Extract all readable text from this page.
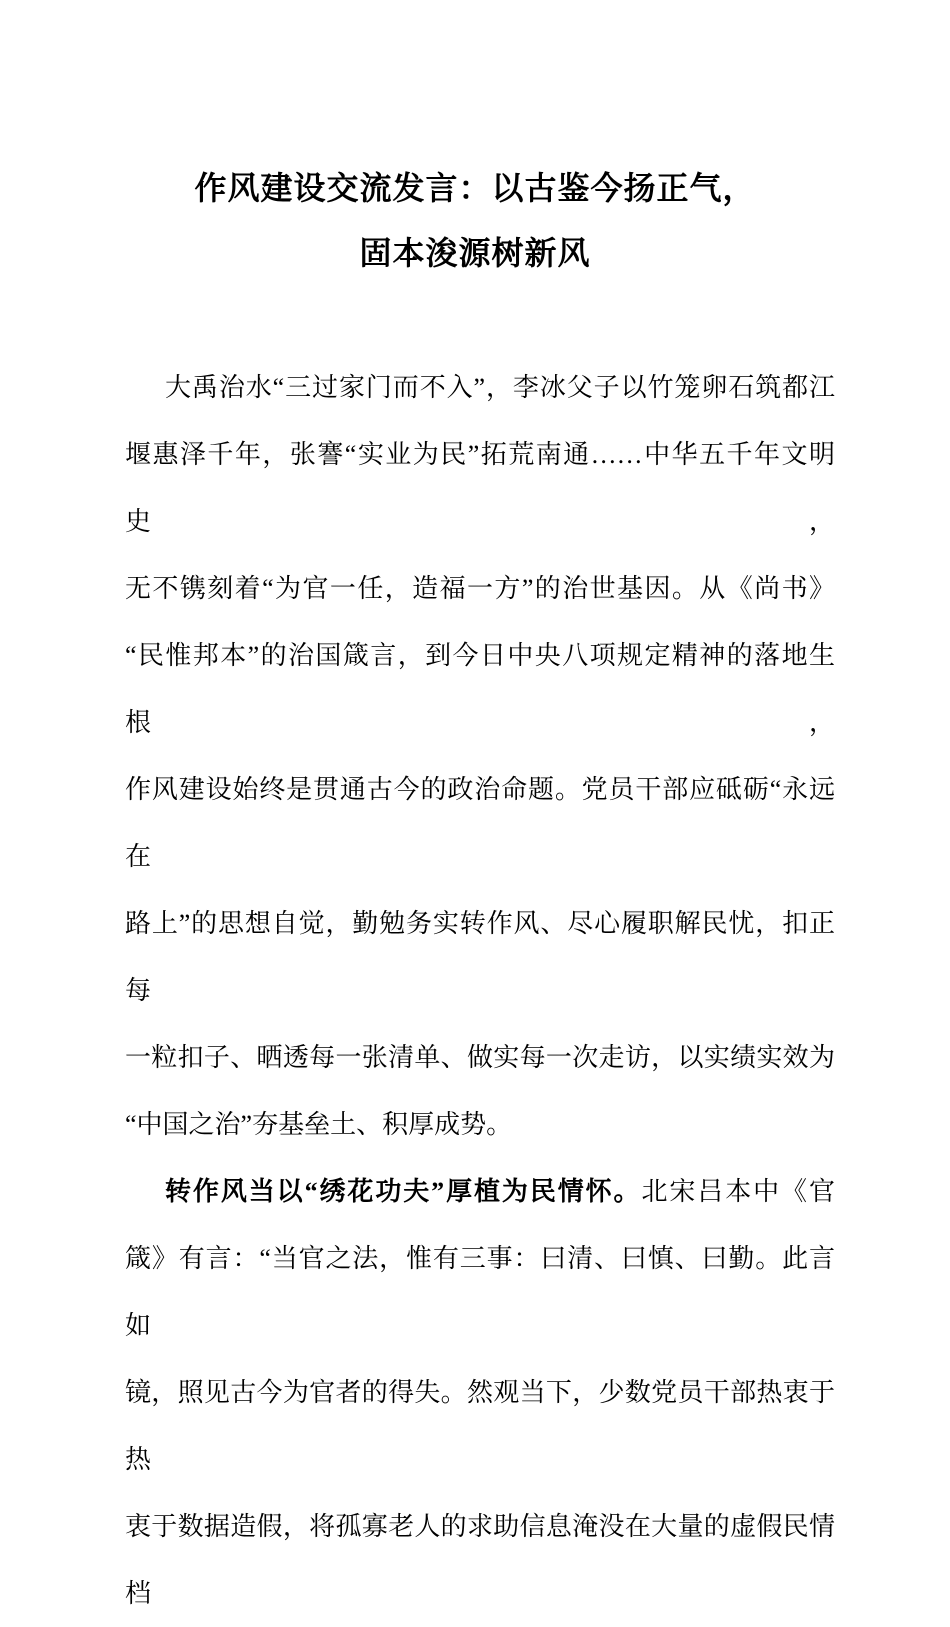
作风建设交流发言：以古鉴今扬正气，
固本浚源树新风
大禹治水“三过家门而不入”，李冰父子以竹笼卵石筑都江
堰惠泽千年，张謇“实业为民”拓荒南通……中华五千年文明史，
无不镌刻着“为官一任，造福一方”的治世基因。从《尚书》
“民惟邦本”的治国箴言，到今日中央八项规定精神的落地生根，
作风建设始终是贯通古今的政治命题。党员干部应砥砺“永远在
路上”的思想自觉，勤勉务实转作风、尽心履职解民忧，扣正每
一粒扣子、晒透每一张清单、做实每一次走访，以实绩实效为
“中国之治”夯基垒土、积厚成势。
转作风当以“绣花功夫”厚植为民情怀。北宋吕本中《官
箴》有言：“当官之法，惟有三事：曰清、曰慎、曰勤。此言如
镜，照见古今为官者的得失。然观当下，少数党员干部热衷于热
衷于数据造假，将孤寡老人的求助信息淹没在大量的虚假民情档
